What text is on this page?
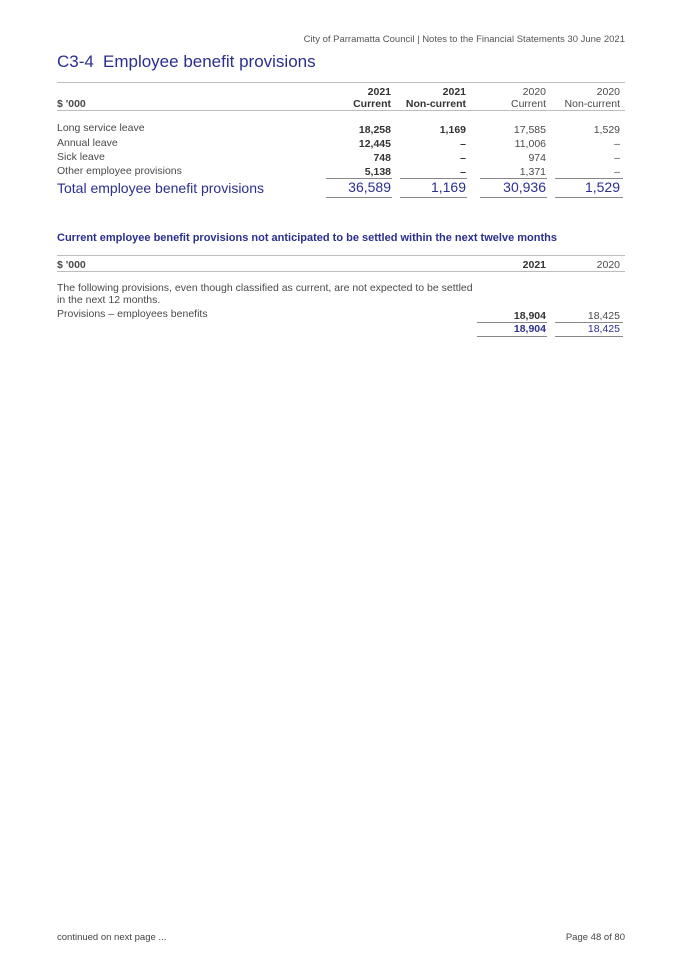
City of Parramatta Council | Notes to the Financial Statements 30 June 2021
C3-4 Employee benefit provisions
2021	2021	2020	2020
$ '000	Current	Non-current	Current	Non-current
Long service leave	18,258	1,169	17,585	1,529
Annual leave	12,445	–	11,006	–
Sick leave	748	–	974	–
Other employee provisions	5,138	–	1,371	–
Total employee benefit provisions	36,589	1,169	30,936	1,529
Current employee benefit provisions not anticipated to be settled within the next twelve months
$ '000	2021	2020
The following provisions, even though classified as current, are not expected to be settled in the next 12 months.
Provisions – employees benefits	18,904	18,425
18,904	18,425
continued on next page ...	Page 48 of 80
